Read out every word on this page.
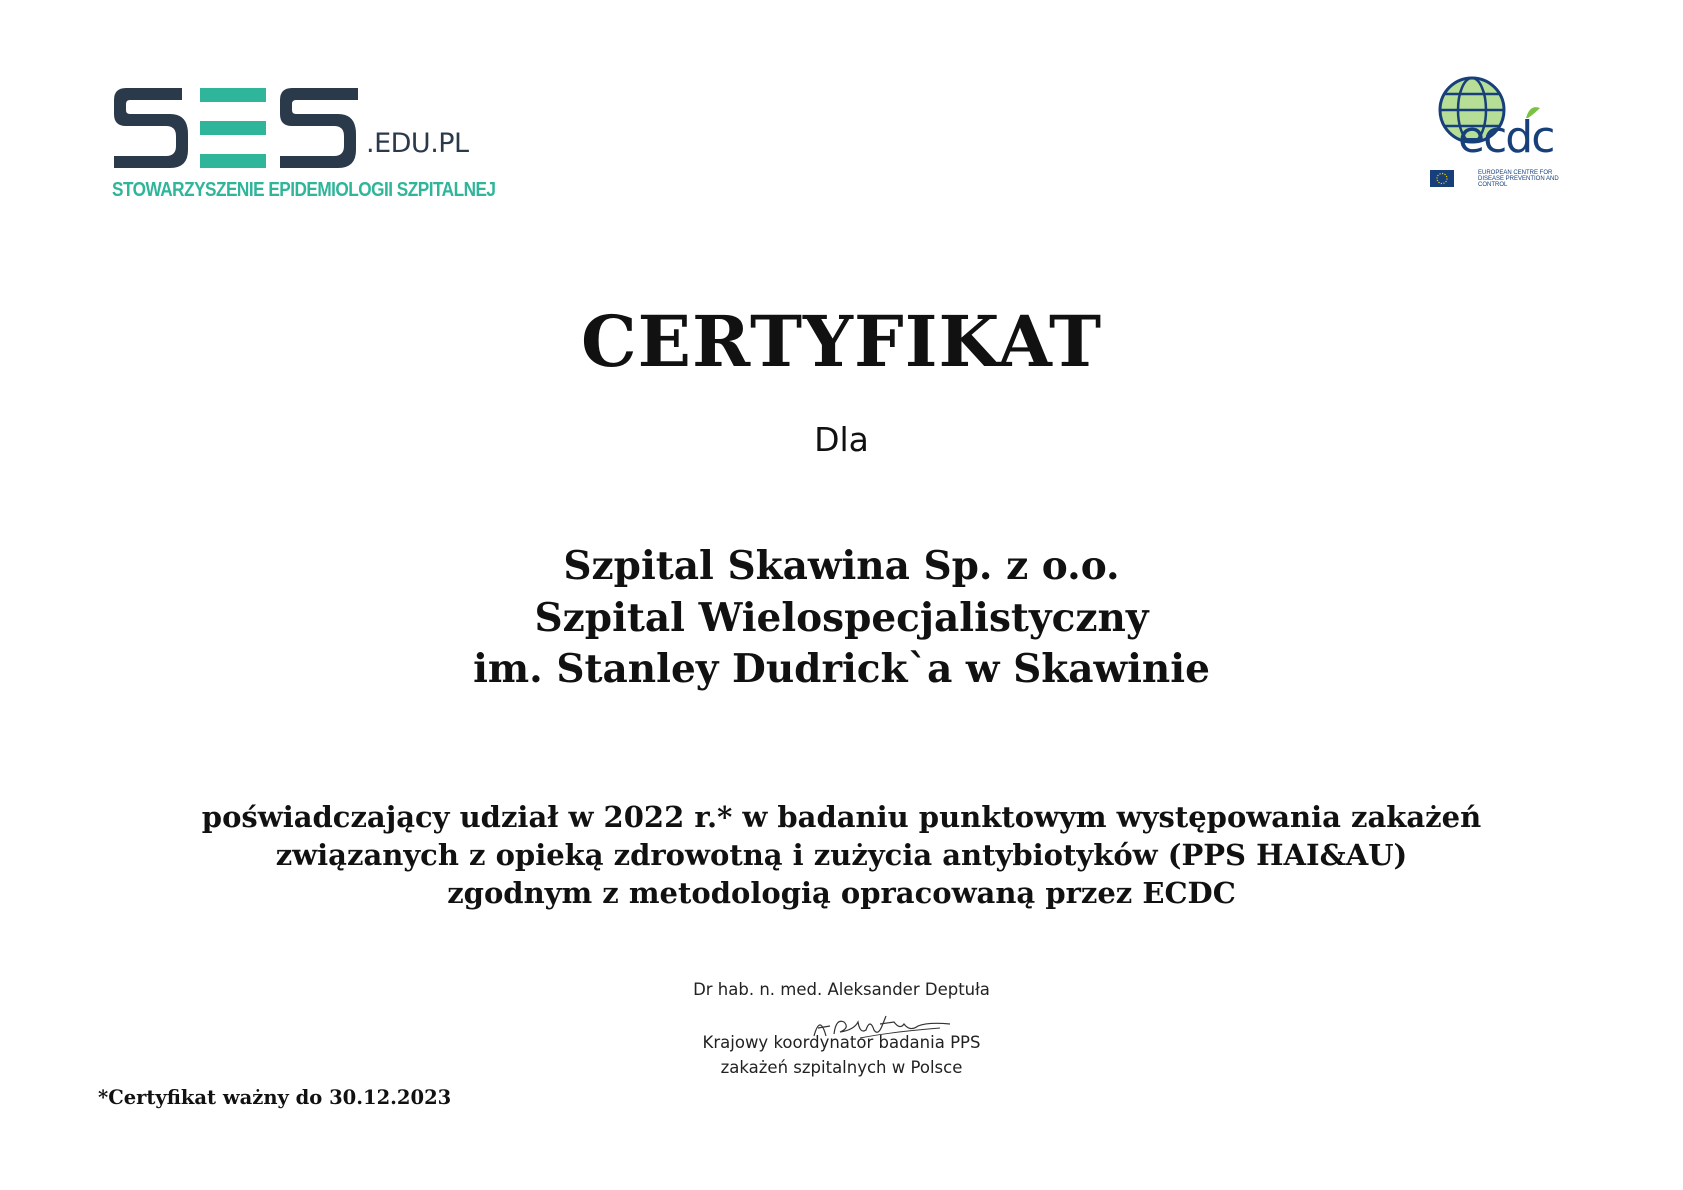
.EDU.PL
STOWARZYSZENIE EPIDEMIOLOGII SZPITALNEJ
ecdc
EUROPEAN CENTRE FOR DISEASE PREVENTION AND CONTROL
CERTYFIKAT
Dla
Szpital Skawina Sp. z o.o.
Szpital Wielospecjalistyczny
im. Stanley Dudrick`a w Skawinie
poświadczający udział w 2022 r.* w badaniu punktowym występowania zakażeń
związanych z opieką zdrowotną i zużycia antybiotyków (PPS HAI&AU)
zgodnym z metodologią opracowaną przez ECDC
Dr hab. n. med. Aleksander Deptuła
Krajowy koordynator badania PPS
zakażeń szpitalnych w Polsce
*Certyfikat ważny do 30.12.2023
